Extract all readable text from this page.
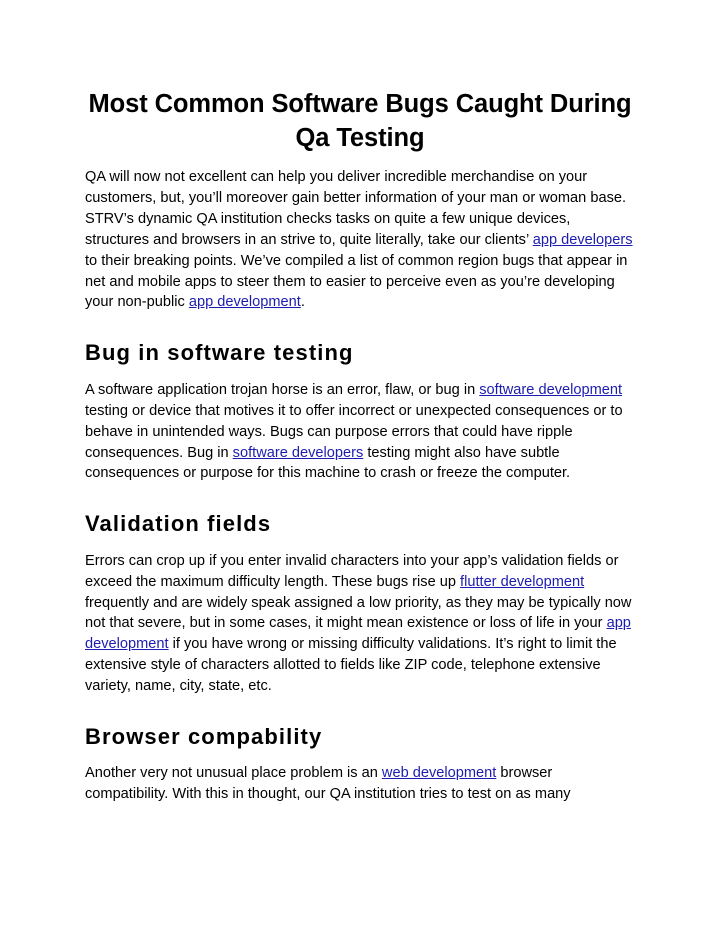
Most Common Software Bugs Caught During Qa Testing

QA will now not excellent can help you deliver incredible merchandise on your customers, but, you’ll moreover gain better information of your man or woman base. STRV’s dynamic QA institution checks tasks on quite a few unique devices, structures and browsers in an strive to, quite literally, take our clients’ app developers to their breaking points. We’ve compiled a list of common region bugs that appear in net and mobile apps to steer them to easier to perceive even as you’re developing your non-public app development.

Bug in software testing

A software application trojan horse is an error, flaw, or bug in software development testing or device that motives it to offer incorrect or unexpected consequences or to behave in unintended ways. Bugs can purpose errors that could have ripple consequences. Bug in software developers testing might also have subtle consequences or purpose for this machine to crash or freeze the computer.

Validation fields

Errors can crop up if you enter invalid characters into your app’s validation fields or exceed the maximum difficulty length. These bugs rise up flutter development frequently and are widely speak assigned a low priority, as they may be typically now not that severe, but in some cases, it might mean existence or loss of life in your app development if you have wrong or missing difficulty validations. It’s right to limit the extensive style of characters allotted to fields like ZIP code, telephone extensive variety, name, city, state, etc.

Browser compability

Another very not unusual place problem is an web development browser compatibility. With this in thought, our QA institution tries to test on as many
